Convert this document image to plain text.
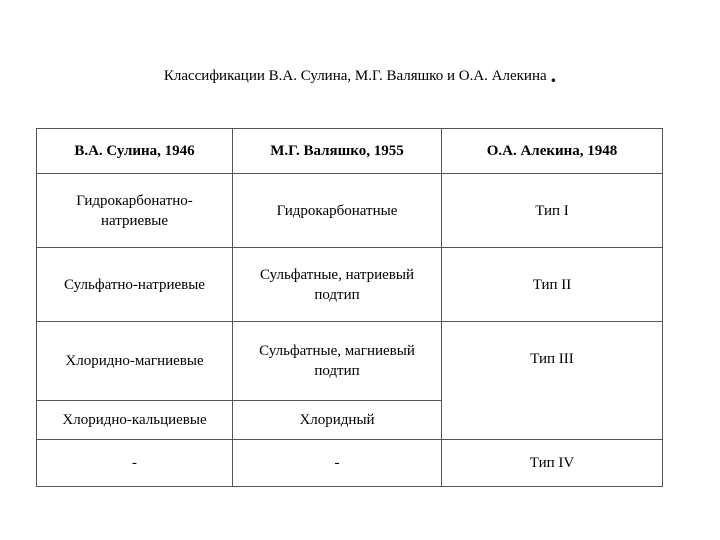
Классификации В.А. Сулина, М.Г. Валяшко и О.А. Алекина .
В.А. Сулина, 1946	М.Г. Валяшко, 1955	О.А. Алекина, 1948
Гидрокарбонатно-натриевые	Гидрокарбонатные	Тип I
Сульфатно-натриевые	Сульфатные, натриевый подтип	Тип II
Хлоридно-магниевые	Сульфатные, магниевый подтип	Тип III
Хлоридно-кальциевые	Хлоридный	
-	-	Тип IV
